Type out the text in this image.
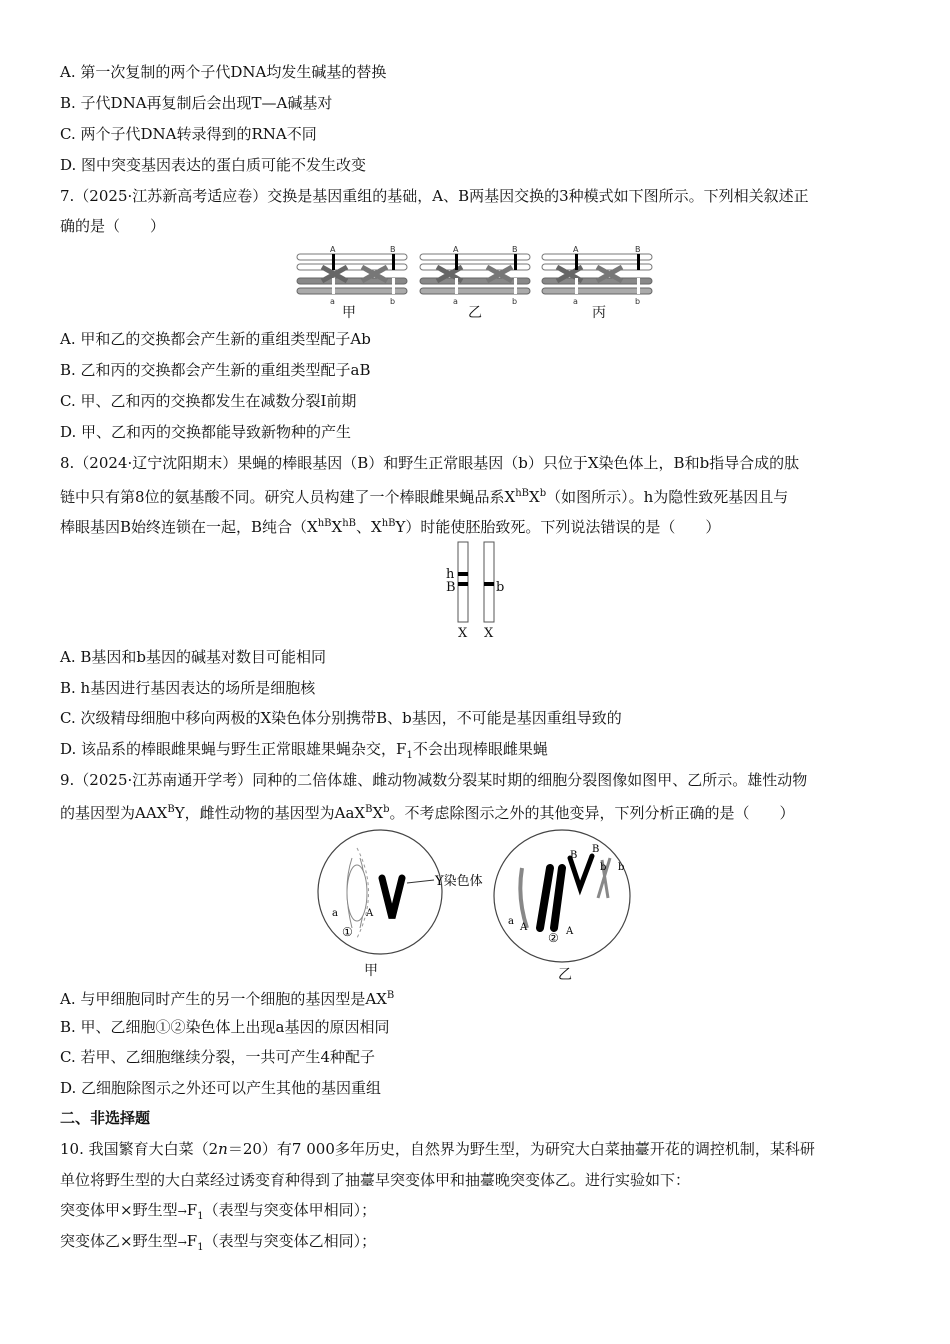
A. 第一次复制的两个子代DNA均发生碱基的替换
B. 子代DNA再复制后会出现T—A碱基对
C. 两个子代DNA转录得到的RNA不同
D. 图中突变基因表达的蛋白质可能不发生改变
7.（2025·江苏新高考适应卷）交换是基因重组的基础，A、B两基因交换的3种模式如下图所示。下列相关叙述正
确的是（　　）
A	B
a	b
A	B
a	b
A	B
a	b
甲	乙	丙
A. 甲和乙的交换都会产生新的重组类型配子Ab
B. 乙和丙的交换都会产生新的重组类型配子aB
C. 甲、乙和丙的交换都发生在减数分裂Ⅰ前期
D. 甲、乙和丙的交换都能导致新物种的产生
8.（2024·辽宁沈阳期末）果蝇的棒眼基因（B）和野生正常眼基因（b）只位于X染色体上，B和b指导合成的肽
链中只有第8位的氨基酸不同。研究人员构建了一个棒眼雌果蝇品系$X^{hB}X^b$（如图所示）。h为隐性致死基因且与
棒眼基因B始终连锁在一起，B纯合（$X^{hB}X^{hB}$、$X^{hB}Y$）时能使胚胎致死。下列说法错误的是（　　）
h
B	b
X X
A. B基因和b基因的碱基对数目可能相同
B. h基因进行基因表达的场所是细胞核
C. 次级精母细胞中移向两极的X染色体分别携带B、b基因，不可能是基因重组导致的
D. 该品系的棒眼雌果蝇与野生正常眼雄果蝇杂交，$F_1$不会出现棒眼雌果蝇
9.（2025·江苏南通开学考）同种的二倍体雄、雌动物减数分裂某时期的细胞分裂图像如图甲、乙所示。雄性动物
的基因型为$AAX^BY$，雌性动物的基因型为$AaX^BX^b$。不考虑除图示之外的其他变异，下列分析正确的是（　　）
a	A
①
Y染色体
B
B
b b
a
A	A
②
甲	乙
A. 与甲细胞同时产生的另一个细胞的基因型是$AX^B$
B. 甲、乙细胞①②染色体上出现a基因的原因相同
C. 若甲、乙细胞继续分裂，一共可产生4种配子
D. 乙细胞除图示之外还可以产生其他的基因重组
二、非选择题
10. 我国繁育大白菜（2n＝20）有7 000多年历史，自然界为野生型，为研究大白菜抽薹开花的调控机制，某科研
单位将野生型的大白菜经过诱变育种得到了抽薹早突变体甲和抽薹晚突变体乙。进行实验如下：
突变体甲×野生型$\to F_1$（表型与突变体甲相同）；
突变体乙×野生型$\to F_1$（表型与突变体乙相同）；
